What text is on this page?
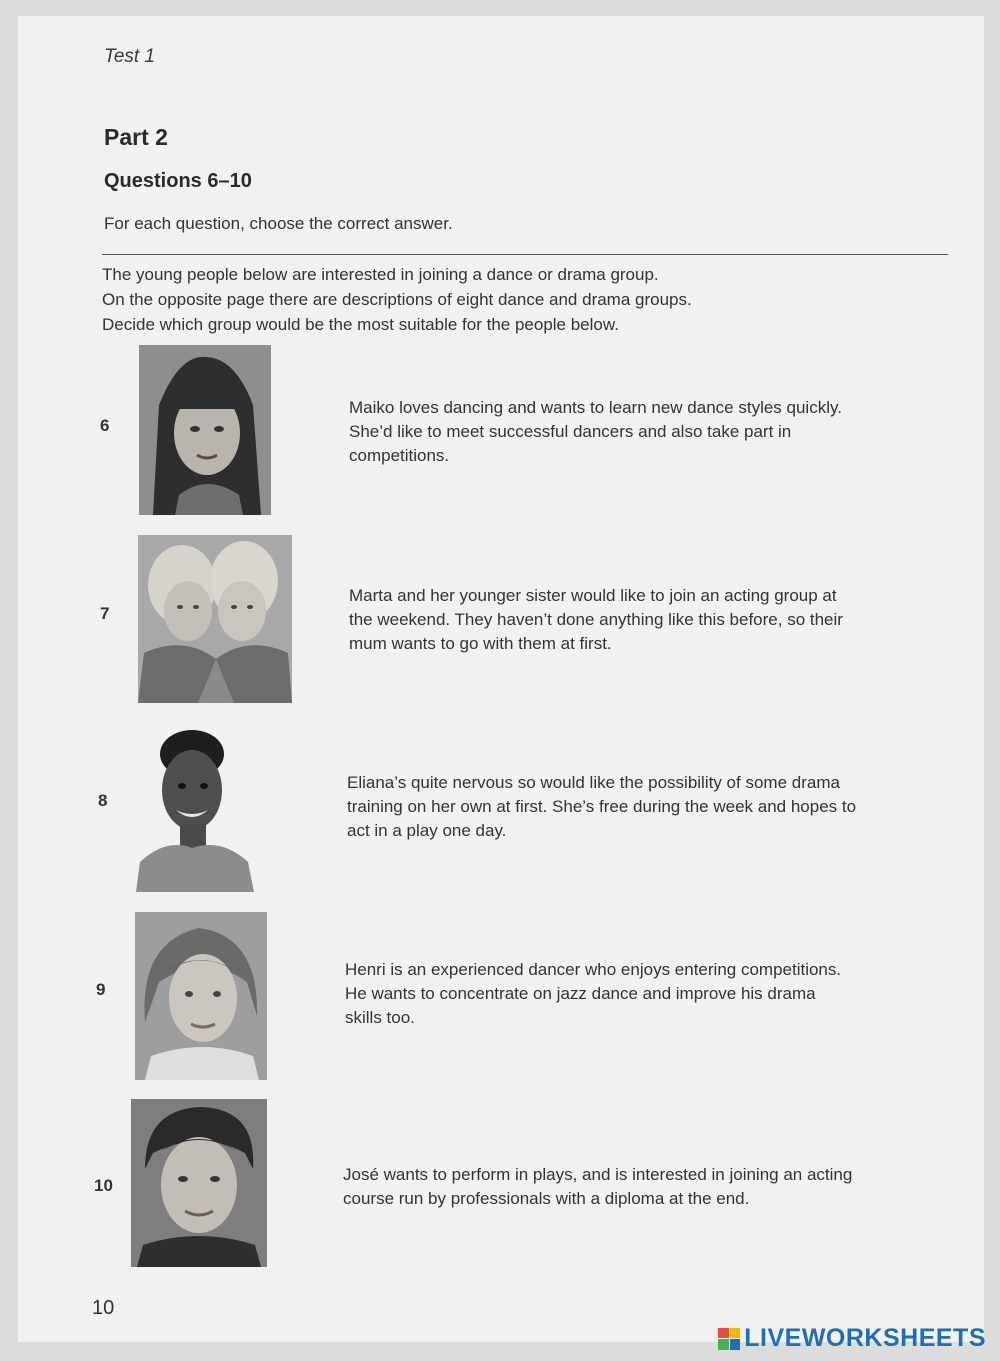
Test 1
Part 2
Questions 6–10
For each question, choose the correct answer.
The young people below are interested in joining a dance or drama group.
On the opposite page there are descriptions of eight dance and drama groups.
Decide which group would be the most suitable for the people below.
6
Maiko loves dancing and wants to learn new dance styles quickly.
She’d like to meet successful dancers and also take part in
competitions.
7
Marta and her younger sister would like to join an acting group at
the weekend. They haven’t done anything like this before, so their
mum wants to go with them at first.
8
Eliana’s quite nervous so would like the possibility of some drama
training on her own at first. She’s free during the week and hopes to
act in a play one day.
9
Henri is an experienced dancer who enjoys entering competitions.
He wants to concentrate on jazz dance and improve his drama
skills too.
10
José wants to perform in plays, and is interested in joining an acting
course run by professionals with a diploma at the end.
10
LIVEWORKSHEETS
